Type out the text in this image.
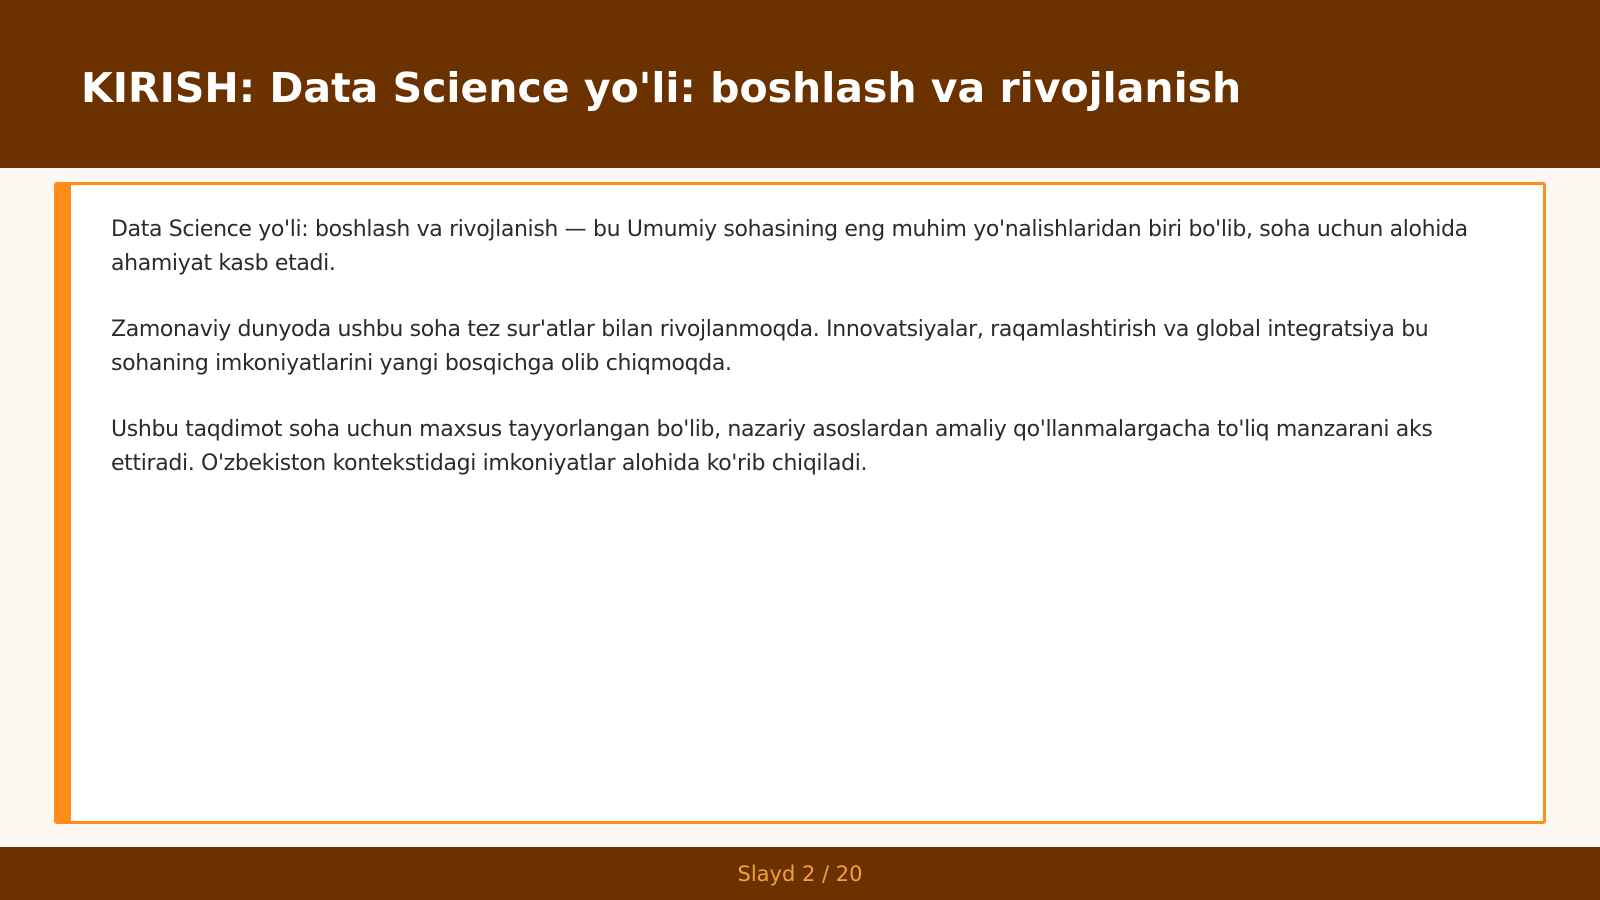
KIRISH: Data Science yo'li: boshlash va rivojlanish

Data Science yo'li: boshlash va rivojlanish — bu Umumiy sohasining eng muhim yo'nalishlaridan biri bo'lib, soha uchun alohida ahamiyat kasb etadi.

Zamonaviy dunyoda ushbu soha tez sur'atlar bilan rivojlanmoqda. Innovatsiyalar, raqamlashtirish va global integratsiya bu sohaning imkoniyatlarini yangi bosqichga olib chiqmoqda.

Ushbu taqdimot soha uchun maxsus tayyorlangan bo'lib, nazariy asoslardan amaliy qo'llanmalargacha to'liq manzarani aks ettiradi. O'zbekiston kontekstidagi imkoniyatlar alohida ko'rib chiqiladi.

Slayd 2 / 20
